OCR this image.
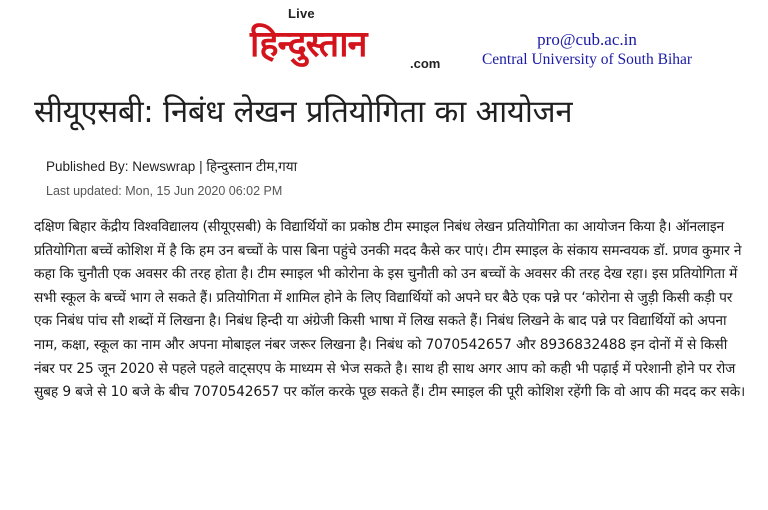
Live
हिन्दुस्तान	.com
pro@cub.ac.in
Central University of South Bihar
सीयूएसबी: निबंध लेखन प्रतियोगिता का आयोजन
Published By: Newswrap | हिन्दुस्तान टीम,गया
Last updated: Mon, 15 Jun 2020 06:02 PM

दक्षिण बिहार केंद्रीय विश्वविद्यालय (सीयूएसबी) के विद्यार्थियों का प्रकोष्ठ टीम स्माइल निबंध लेखन प्रतियोगिता का आयोजन किया है। ऑनलाइन प्रतियोगिता बच्चें कोशिश में है कि हम उन बच्चों के पास बिना पहुंचे उनकी मदद कैसे कर पाएं। टीम स्माइल के संकाय समन्वयक डॉ. प्रणव कुमार ने कहा कि चुनौती एक अवसर की तरह होता है। टीम स्माइल भी कोरोना के इस चुनौती को उन बच्चों के अवसर की तरह देख रहा। इस प्रतियोगिता में सभी स्कूल के बच्चें भाग ले सकते हैं। प्रतियोगिता में शामिल होने के लिए विद्यार्थियों को अपने घर बैठे एक पन्ने पर ‘कोरोना से जुड़ी किसी कड़ी पर एक निबंध पांच सौ शब्दों में लिखना है। निबंध हिन्दी या अंग्रेजी किसी भाषा में लिख सकते हैं। निबंध लिखने के बाद पन्ने पर विद्यार्थियों को अपना नाम, कक्षा, स्कूल का नाम और अपना मोबाइल नंबर जरूर लिखना है। निबंध को 7070542657 और 8936832488 इन दोनों में से किसी नंबर पर 25 जून 2020 से पहले पहले वाट्सएप के माध्यम से भेज सकते है। साथ ही साथ अगर आप को कही भी पढ़ाई में परेशानी होने पर रोज सुबह 9 बजे से 10 बजे के बीच 7070542657 पर कॉल करके पूछ सकते हैं। टीम स्माइल की पूरी कोशिश रहेंगी कि वो आप की मदद कर सके।
